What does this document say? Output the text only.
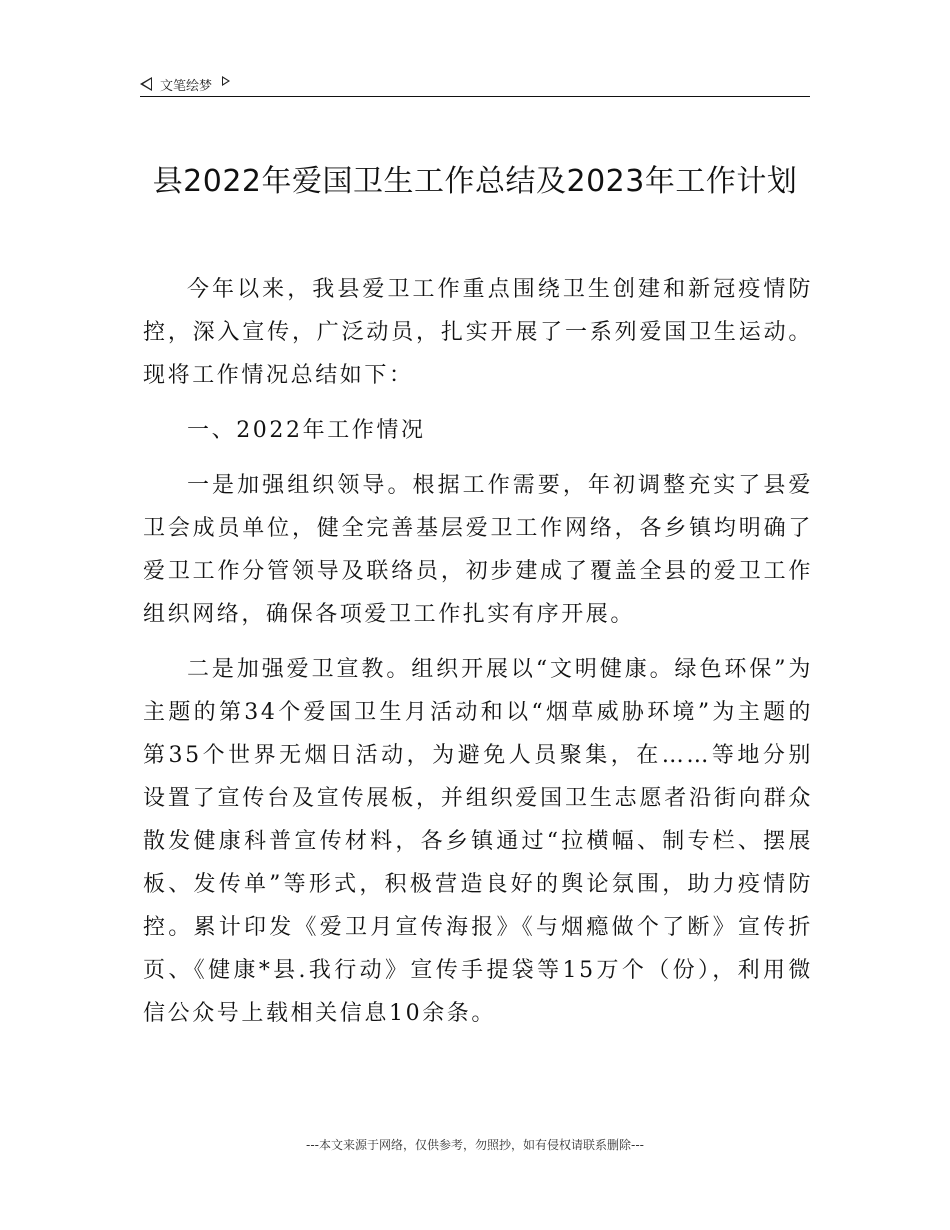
文笔绘梦
县2022年爱国卫生工作总结及2023年工作计划

今年以来，我县爱卫工作重点围绕卫生创建和新冠疫情防控，深入宣传，广泛动员，扎实开展了一系列爱国卫生运动。现将工作情况总结如下：

一、2022年工作情况

一是加强组织领导。根据工作需要，年初调整充实了县爱卫会成员单位，健全完善基层爱卫工作网络，各乡镇均明确了爱卫工作分管领导及联络员，初步建成了覆盖全县的爱卫工作组织网络，确保各项爱卫工作扎实有序开展。

二是加强爱卫宣教。组织开展以“文明健康。绿色环保”为主题的第34个爱国卫生月活动和以“烟草威胁环境”为主题的第35个世界无烟日活动，为避免人员聚集，在……等地分别设置了宣传台及宣传展板，并组织爱国卫生志愿者沿街向群众散发健康科普宣传材料，各乡镇通过“拉横幅、制专栏、摆展板、发传单”等形式，积极营造良好的舆论氛围，助力疫情防控。累计印发《爱卫月宣传海报》《与烟瘾做个了断》宣传折页、《健康*县.我行动》宣传手提袋等15万个（份），利用微信公众号上载相关信息10余条。

---本文来源于网络，仅供参考，勿照抄，如有侵权请联系删除---
